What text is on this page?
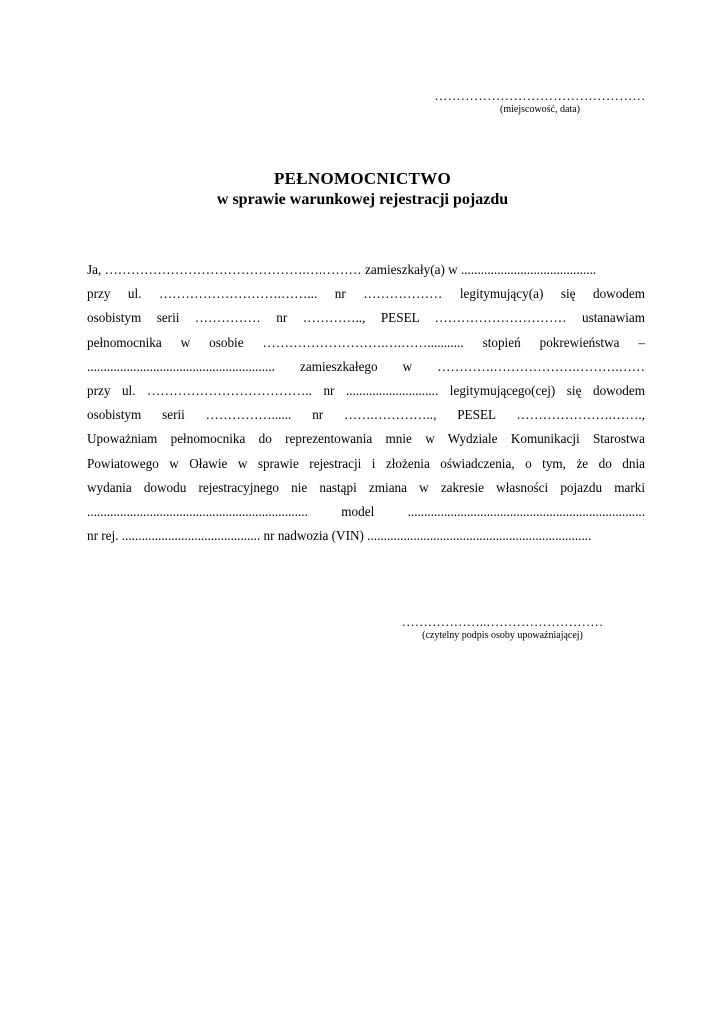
…………………………………………
(miejscowość, data)
PEŁNOMOCNICTWO
w sprawie warunkowej rejestracji pojazdu
Ja, ……………………………………….….……… zamieszkały(a) w .........................................
przy ul. ……………………….……... nr ……………… legitymujący(a) się dowodem
osobistym serii …………… nr ………….., PESEL ………………………… ustanawiam
pełnomocnika w osobie ……………………….….……........... stopień pokrewieństwa –
......................................................... zamieszkałego w ………….……………….……….……
przy ul. ……………………………….. nr ............................ legitymującego(cej) się dowodem
osobistym serii ……………...... nr …….………….., PESEL ………………….…….,
Upoważniam pełnomocnika do reprezentowania mnie w Wydziale Komunikacji Starostwa
Powiatowego w Oławie w sprawie rejestracji i złożenia oświadczenia, o tym, że do dnia
wydania dowodu rejestracyjnego nie nastąpi zmiana w zakresie własności pojazdu marki
................................................................... model ........................................................................
nr rej. .......................................... nr nadwozia (VIN) ....................................................................
………………..………………………
(czytelny podpis osoby upoważniającej)
